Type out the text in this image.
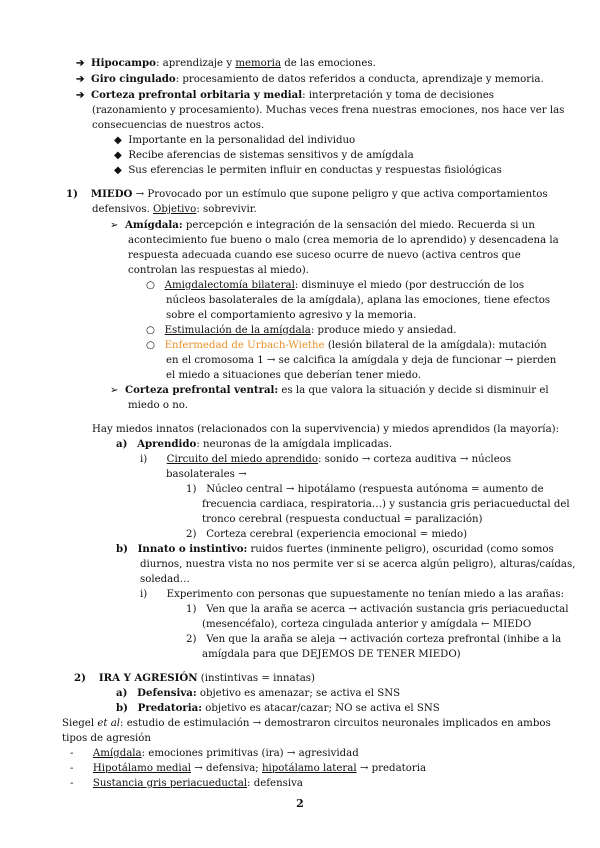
➔ Hipocampo: aprendizaje y memoria de las emociones.
➔ Giro cingulado: procesamiento de datos referidos a conducta, aprendizaje y memoria.
➔ Corteza prefrontal orbitaria y medial: interpretación y toma de decisiones
(razonamiento y procesamiento). Muchas veces frena nuestras emociones, nos hace ver las
consecuencias de nuestros actos.
◆ Importante en la personalidad del individuo
◆ Recibe aferencias de sistemas sensitivos y de amígdala
◆ Sus eferencias le permiten influir en conductas y respuestas fisiológicas
1) MIEDO → Provocado por un estímulo que supone peligro y que activa comportamientos
defensivos. Objetivo: sobrevivir.
➢ Amígdala: percepción e integración de la sensación del miedo. Recuerda si un
acontecimiento fue bueno o malo (crea memoria de lo aprendido) y desencadena la
respuesta adecuada cuando ese suceso ocurre de nuevo (activa centros que
controlan las respuestas al miedo).
○ Amigdalectomía bilateral: disminuye el miedo (por destrucción de los
núcleos basolaterales de la amígdala), aplana las emociones, tiene efectos
sobre el comportamiento agresivo y la memoria.
○ Estimulación de la amígdala: produce miedo y ansiedad.
○ Enfermedad de Urbach-Wiethe (lesión bilateral de la amígdala): mutación
en el cromosoma 1 → se calcifica la amígdala y deja de funcionar → pierden
el miedo a situaciones que deberían tener miedo.
➢ Corteza prefrontal ventral: es la que valora la situación y decide si disminuir el
miedo o no.
Hay miedos innatos (relacionados con la supervivencia) y miedos aprendidos (la mayoría):
a) Aprendido: neuronas de la amígdala implicadas.
i) Circuito del miedo aprendido: sonido → corteza auditiva → núcleos
basolaterales →
1) Núcleo central → hipotálamo (respuesta autónoma = aumento de
frecuencia cardiaca, respiratoria…) y sustancia gris periacueductal del
tronco cerebral (respuesta conductual = paralización)
2) Corteza cerebral (experiencia emocional = miedo)
b) Innato o instintivo: ruidos fuertes (inminente peligro), oscuridad (como somos
diurnos, nuestra vista no nos permite ver si se acerca algún peligro), alturas/caídas,
soledad…
i) Experimento con personas que supuestamente no tenían miedo a las arañas:
1) Ven que la araña se acerca → activación sustancia gris periacueductal
(mesencéfalo), corteza cingulada anterior y amígdala ← MIEDO
2) Ven que la araña se aleja → activación corteza prefrontal (inhibe a la
amígdala para que DEJEMOS DE TENER MIEDO)
2) IRA Y AGRESIÓN (instintivas = innatas)
a) Defensiva: objetivo es amenazar; se activa el SNS
b) Predatoria: objetivo es atacar/cazar; NO se activa el SNS
Siegel et al: estudio de estimulación → demostraron circuitos neuronales implicados en ambos
tipos de agresión
- Amígdala: emociones primitivas (ira) → agresividad
- Hipotálamo medial → defensiva; hipotálamo lateral → predatoria
- Sustancia gris periacueductal: defensiva
2
